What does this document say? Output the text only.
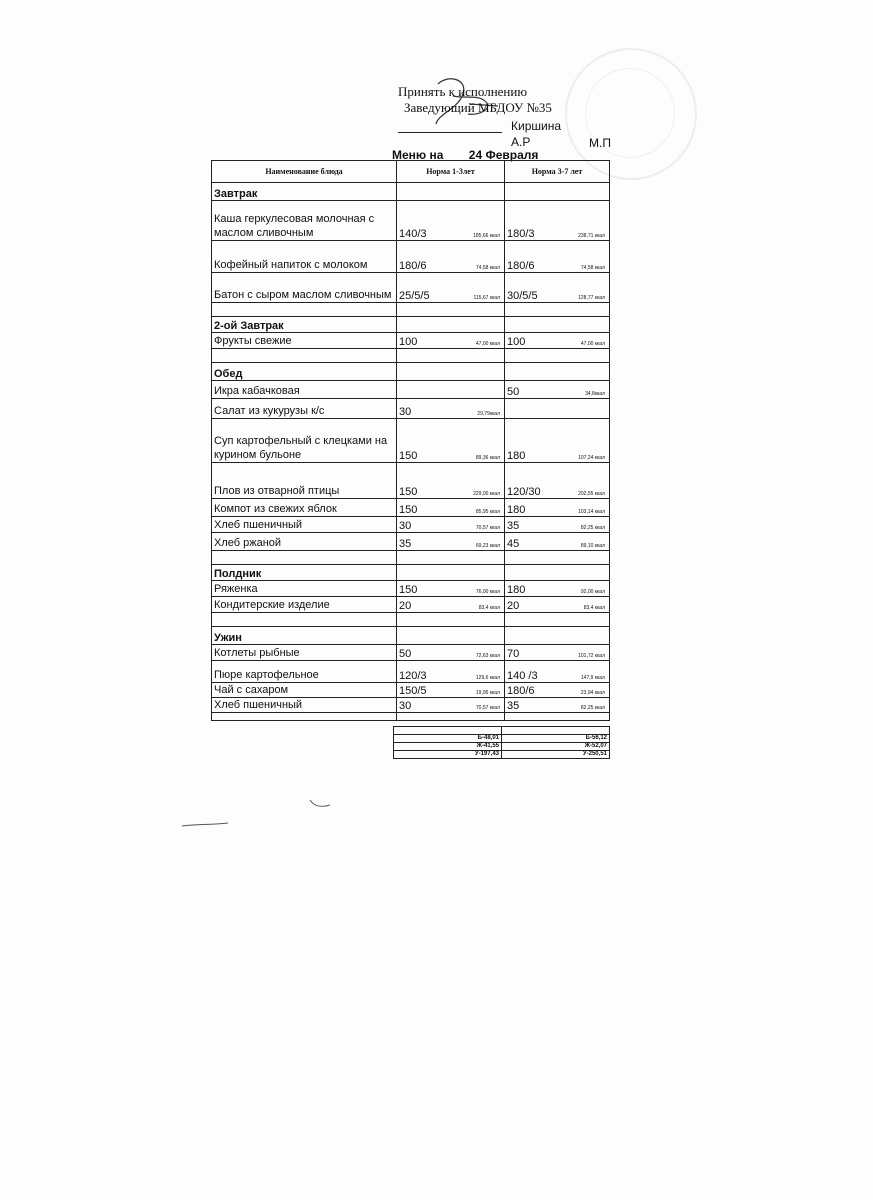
Принять к исполнению
Заведующий МБДОУ №35
Киршина А.Р	М.П
Меню на 24 Февраля
Наименование блюда	Норма 1-3лет	Норма 3-7 лет
Завтрак		
Каша геркулесовая молочная с маслом сливочным	140/3 185,66 ккал	180/3 238,71 ккал

Кофейный напиток с молоком	180/6 74,58 ккал	180/6 74,58 ккал

Батон с сыром маслом сливочным	25/5/5 115,67 ккал	30/5/5 128,77 ккал

2-ой Завтрак		
Фрукты свежие	100 47,00 ккал	100 47,00 ккал

Обед		
Икра кабачковая		50 34,8ккал

Салат из кукурузы к/с	30 29,79ккал	

Суп картофельный с клецками на курином бульоне	150 89,36 ккал	180 107,24 ккал

Плов из отварной птицы	150 229,00 ккал	120/30 202,55 ккал

Компот из свежих яблок	150 85,95 ккал	180 103,14 ккал

Хлеб пшеничный	30 70,57 ккал	35 82,25 ккал

Хлеб ржаной	35 69,23 ккал	45 89,10 ккал

Полдник		
Ряженка	150 76,00 ккал	180 92,00 ккал

Кондитерские изделие	20 83,4 ккал	20 83,4 ккал

Ужин		
Котлеты рыбные	50 72,63 ккал	70 101,72 ккал

Пюре картофельное	120/3 129,6 ккал	140 /3 147,9 ккал

Чай с сахаром	150/5 19,95 ккал	180/6 23,94 ккал

Хлеб пшеничный	30 70,57 ккал	35 82,25 ккал

Б-48,01	Б-56,12
Ж-41,55	Ж-52,07
У-197,43	У-250,51
